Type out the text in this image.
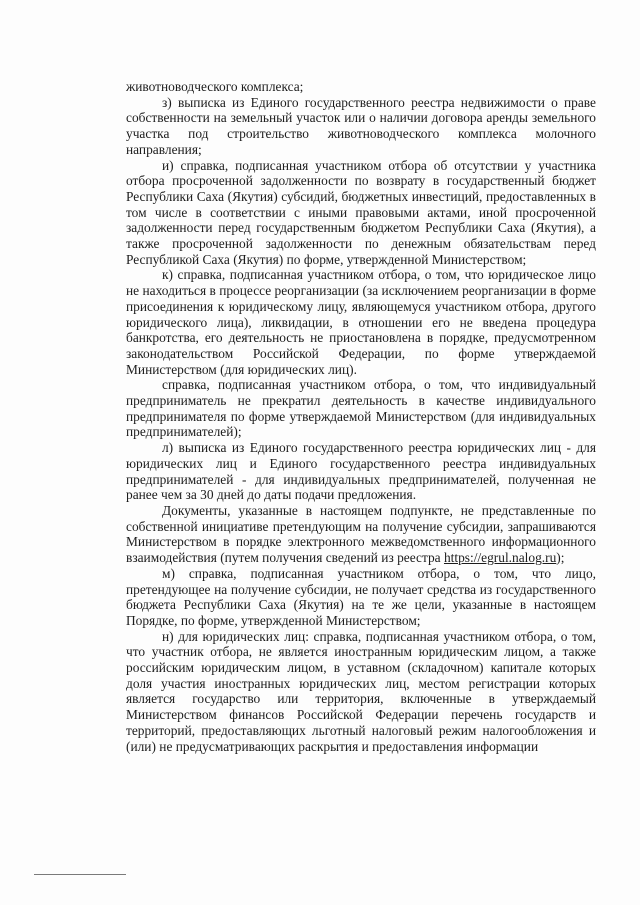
животноводческого комплекса;

з) выписка из Единого государственного реестра недвижимости о праве собственности на земельный участок или о наличии договора аренды земельного участка под строительство животноводческого комплекса молочного направления;

и) справка, подписанная участником отбора об отсутствии у участника отбора просроченной задолженности по возврату в государственный бюджет Республики Саха (Якутия) субсидий, бюджетных инвестиций, предоставленных в том числе в соответствии с иными правовыми актами, иной просроченной задолженности перед государственным бюджетом Республики Саха (Якутия), а также просроченной задолженности по денежным обязательствам перед Республикой Саха (Якутия) по форме, утвержденной Министерством;

к) справка, подписанная участником отбора, о том, что юридическое лицо не находиться в процессе реорганизации (за исключением реорганизации в форме присоединения к юридическому лицу, являющемуся участником отбора, другого юридического лица), ликвидации, в отношении его не введена процедура банкротства, его деятельность не приостановлена в порядке, предусмотренном законодательством Российской Федерации, по форме утверждаемой Министерством (для юридических лиц).

справка, подписанная участником отбора, о том, что индивидуальный предприниматель не прекратил деятельность в качестве индивидуального предпринимателя по форме утверждаемой Министерством (для индивидуальных предпринимателей);

л) выписка из Единого государственного реестра юридических лиц - для юридических лиц и Единого государственного реестра индивидуальных предпринимателей - для индивидуальных предпринимателей, полученная не ранее чем за 30 дней до даты подачи предложения.

Документы, указанные в настоящем подпункте, не представленные по собственной инициативе претендующим на получение субсидии, запрашиваются Министерством в порядке электронного межведомственного информационного взаимодействия (путем получения сведений из реестра https://egrul.nalog.ru);

м) справка, подписанная участником отбора, о том, что лицо, претендующее на получение субсидии, не получает средства из государственного бюджета Республики Саха (Якутия) на те же цели, указанные в настоящем Порядке, по форме, утвержденной Министерством;

н) для юридических лиц: справка, подписанная участником отбора, о том, что участник отбора, не является иностранным юридическим лицом, а также российским юридическим лицом, в уставном (складочном) капитале которых доля участия иностранных юридических лиц, местом регистрации которых является государство или территория, включенные в утверждаемый Министерством финансов Российской Федерации перечень государств и территорий, предоставляющих льготный налоговый режим налогообложения и (или) не предусматривающих раскрытия и предоставления информации
